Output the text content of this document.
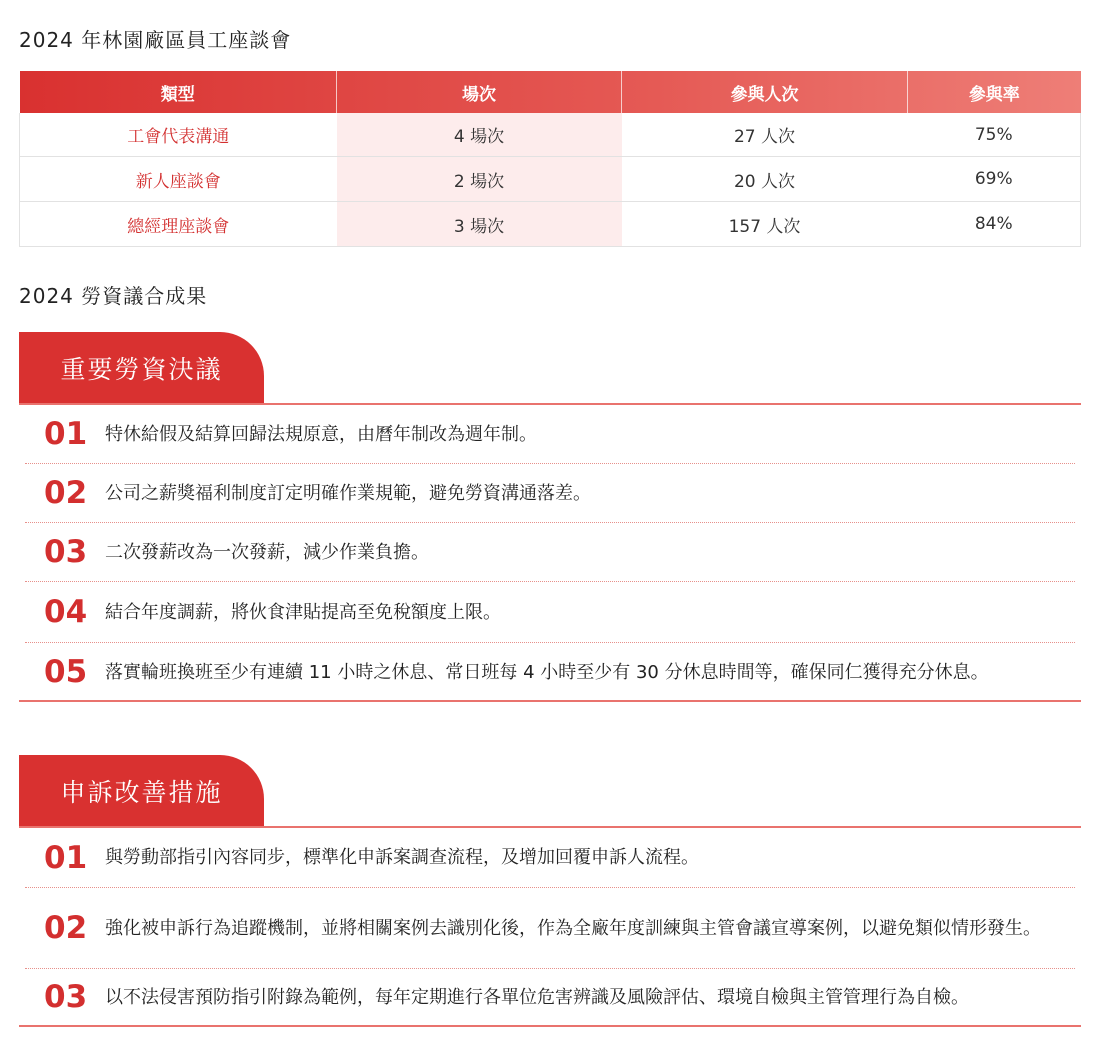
2024 年林園廠區員工座談會
類型	場次	參與人次	參與率
工會代表溝通	4 場次	27 人次	75%
新人座談會	2 場次	20 人次	69%
總經理座談會	3 場次	157 人次	84%
2024 勞資議合成果
重要勞資決議
01 特休給假及結算回歸法規原意，由曆年制改為週年制。
02 公司之薪獎福利制度訂定明確作業規範，避免勞資溝通落差。
03 二次發薪改為一次發薪，減少作業負擔。
04 結合年度調薪，將伙食津貼提高至免稅額度上限。
05 落實輪班換班至少有連續 11 小時之休息、常日班每 4 小時至少有 30 分休息時間等，確保同仁獲得充分休息。
申訴改善措施
01 與勞動部指引內容同步，標準化申訴案調查流程，及增加回覆申訴人流程。
02 強化被申訴行為追蹤機制，並將相關案例去識別化後，作為全廠年度訓練與主管會議宣導案例，以避免類似情形發生。
03 以不法侵害預防指引附錄為範例，每年定期進行各單位危害辨識及風險評估、環境自檢與主管管理行為自檢。
